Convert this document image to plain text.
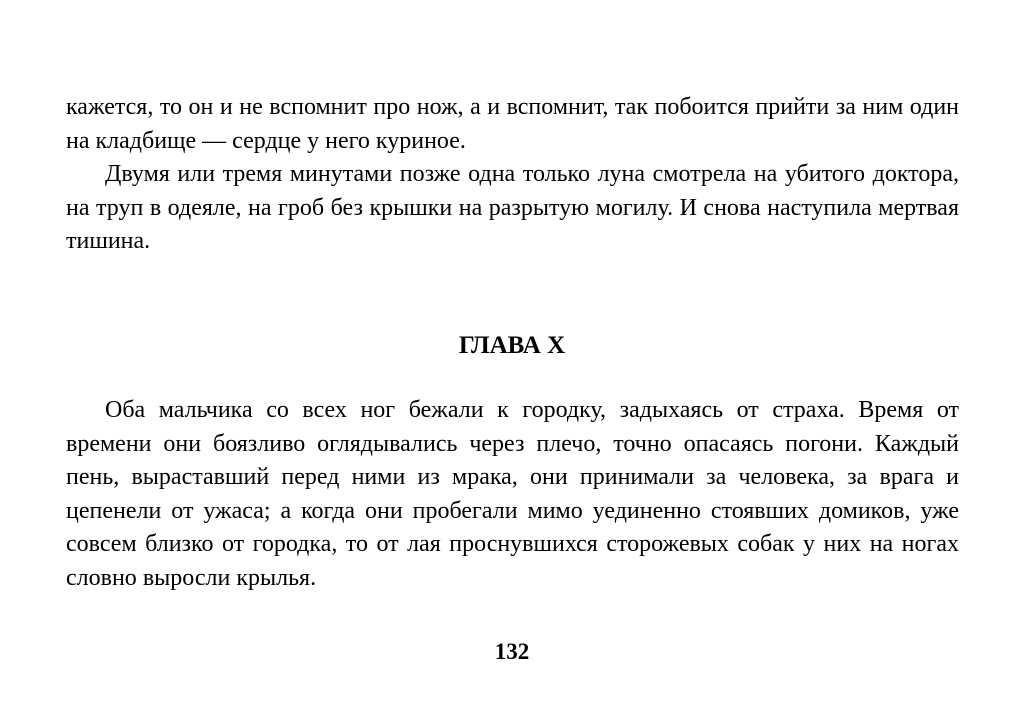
кажется, то он и не вспомнит про нож, а и вспомнит, так побоится прийти за ним один на кладбище — сердце у него куриное.

Двумя или тремя минутами позже одна только луна смотрела на убитого доктора, на труп в одеяле, на гроб без крышки на разрытую могилу. И снова наступила мертвая тишина.

ГЛАВА X

Оба мальчика со всех ног бежали к городку, задыхаясь от страха. Время от времени они боязливо оглядывались через плечо, точно опасаясь погони. Каждый пень, выраставший перед ними из мрака, они принимали за человека, за врага и цепенели от ужаса; а когда они пробегали мимо уединенно стоявших домиков, уже совсем близко от городка, то от лая проснувшихся сторожевых собак у них на ногах словно выросли крылья.

132
